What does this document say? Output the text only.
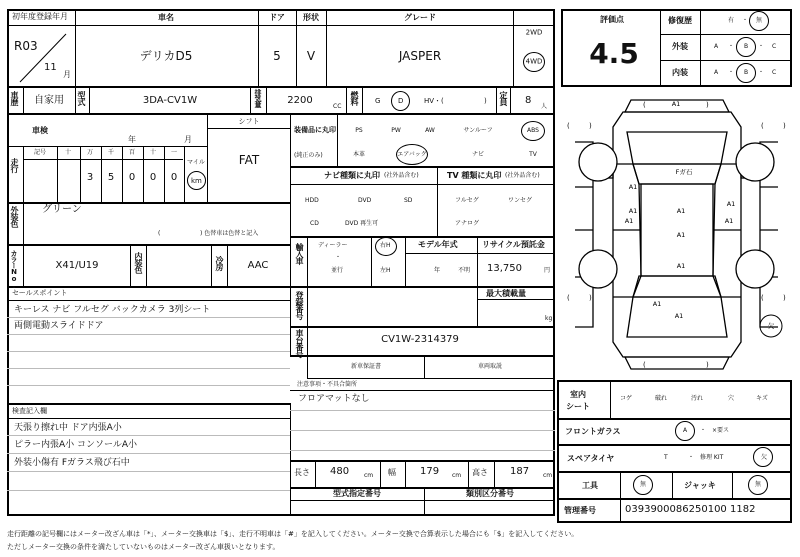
初年度登録年月
R03
11
月
車名
デリカD5
ドア
5
形状
V
グレード
JASPER
2WD
4WD
車歴 自家用 型式	3DA-CV1W	排気量	2200
CC
燃料 G	D	HV・(	) 定員 8
人
車検
年	月
シフト
FAT
走行
記号	十	万 千 百 十 一
3 5 0 0 0
マイル
km
外装色 グリーン
(	) 色替車は色替と記入
カラーNo.	X41/U19	内装色	冷房 AAC
セールスポイント
キーレス ナビ フルセグ バックカメラ 3列シート
両側電動スライドドア
検査記入欄
天張り擦れ中 ドア内張A小
ピラー内張A小 コンソールA小
外装小傷有 Fガラス飛び石中
装備品に丸印
(純正のみ)
PS	PW	AW	サンルーフ	ABS
本革	エアバック	ナビ	TV
ナビ種類に丸印 (社外品含む)
HDD	DVD	SD
CD	DVD 再生可
TV 種類に丸印 (社外品含む)
フルセグ	ワンセグ
アナログ
輸入車 ディーラー
・
並行
右H
左H
モデル年式
年	不明
リサイクル預託金
13,750	円
登録番号	最大積載量
kg
車台番号	CV1W-2314379
新車保証書	車両取説
注意事項・不具合箇所
フロアマットなし
長さ 480 cm 幅 179 cm 高さ 187 cm
型式指定番号	類別区分番号
評価点
4.5
修復歴	有 ・ 無
外装	A ・ B ・ C
内装	A ・ B ・ C
(	)	(	)
(	)	(	)
(	)
(	)
A1
A1
A1	A1
A1
A1
A1	A1
A1
A1
A1
Fガ石
欠
室内
シート
コゲ	破れ	汚れ	穴	キズ
フロントガラス	A ・ ×要ス
スペアタイヤ	T	・ 修理 KIT	欠
工具	無	ジャッキ	無
管理番号	0393900086250100 1182
走行距離の記号欄にはメーター改ざん車は「*」、メーター交換車は「$」、走行不明車は「#」を記入してください。メーター交換で合算表示した場合にも「$」を記入してください。
ただしメーター交換の条件を満たしていないものはメーター改ざん車扱いとなります。
